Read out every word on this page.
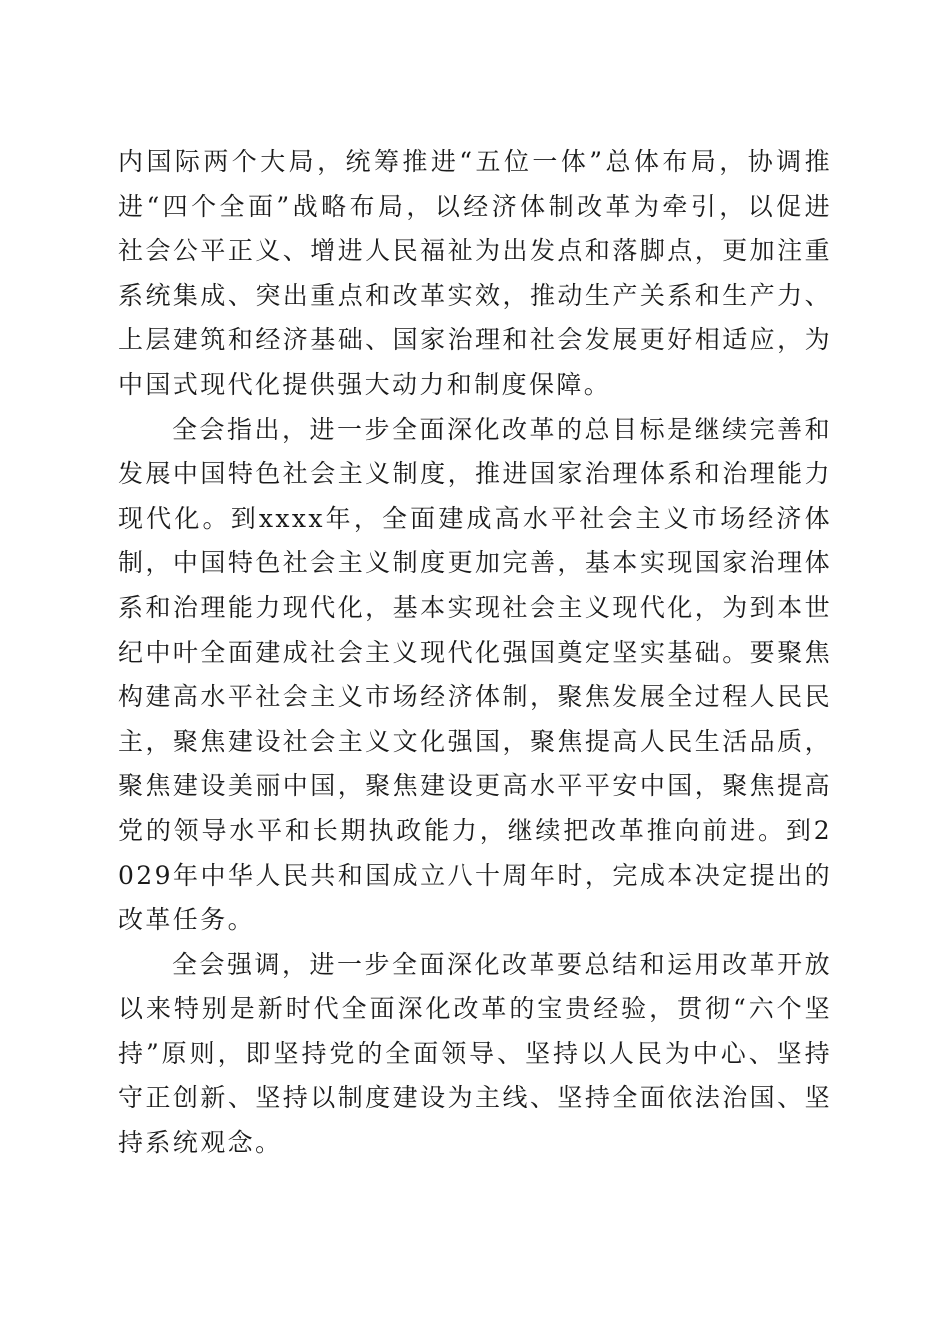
内国际两个大局，统筹推进“五位一体”总体布局，协调推进“四个全面”战略布局，以经济体制改革为牵引，以促进社会公平正义、增进人民福祉为出发点和落脚点，更加注重系统集成、突出重点和改革实效，推动生产关系和生产力、上层建筑和经济基础、国家治理和社会发展更好相适应，为中国式现代化提供强大动力和制度保障。

全会指出，进一步全面深化改革的总目标是继续完善和发展中国特色社会主义制度，推进国家治理体系和治理能力现代化。到xxxx年，全面建成高水平社会主义市场经济体制，中国特色社会主义制度更加完善，基本实现国家治理体系和治理能力现代化，基本实现社会主义现代化，为到本世纪中叶全面建成社会主义现代化强国奠定坚实基础。要聚焦构建高水平社会主义市场经济体制，聚焦发展全过程人民民主，聚焦建设社会主义文化强国，聚焦提高人民生活品质，聚焦建设美丽中国，聚焦建设更高水平平安中国，聚焦提高党的领导水平和长期执政能力，继续把改革推向前进。到2029年中华人民共和国成立八十周年时，完成本决定提出的改革任务。

全会强调，进一步全面深化改革要总结和运用改革开放以来特别是新时代全面深化改革的宝贵经验，贯彻“六个坚持”原则，即坚持党的全面领导、坚持以人民为中心、坚持守正创新、坚持以制度建设为主线、坚持全面依法治国、坚持系统观念。
